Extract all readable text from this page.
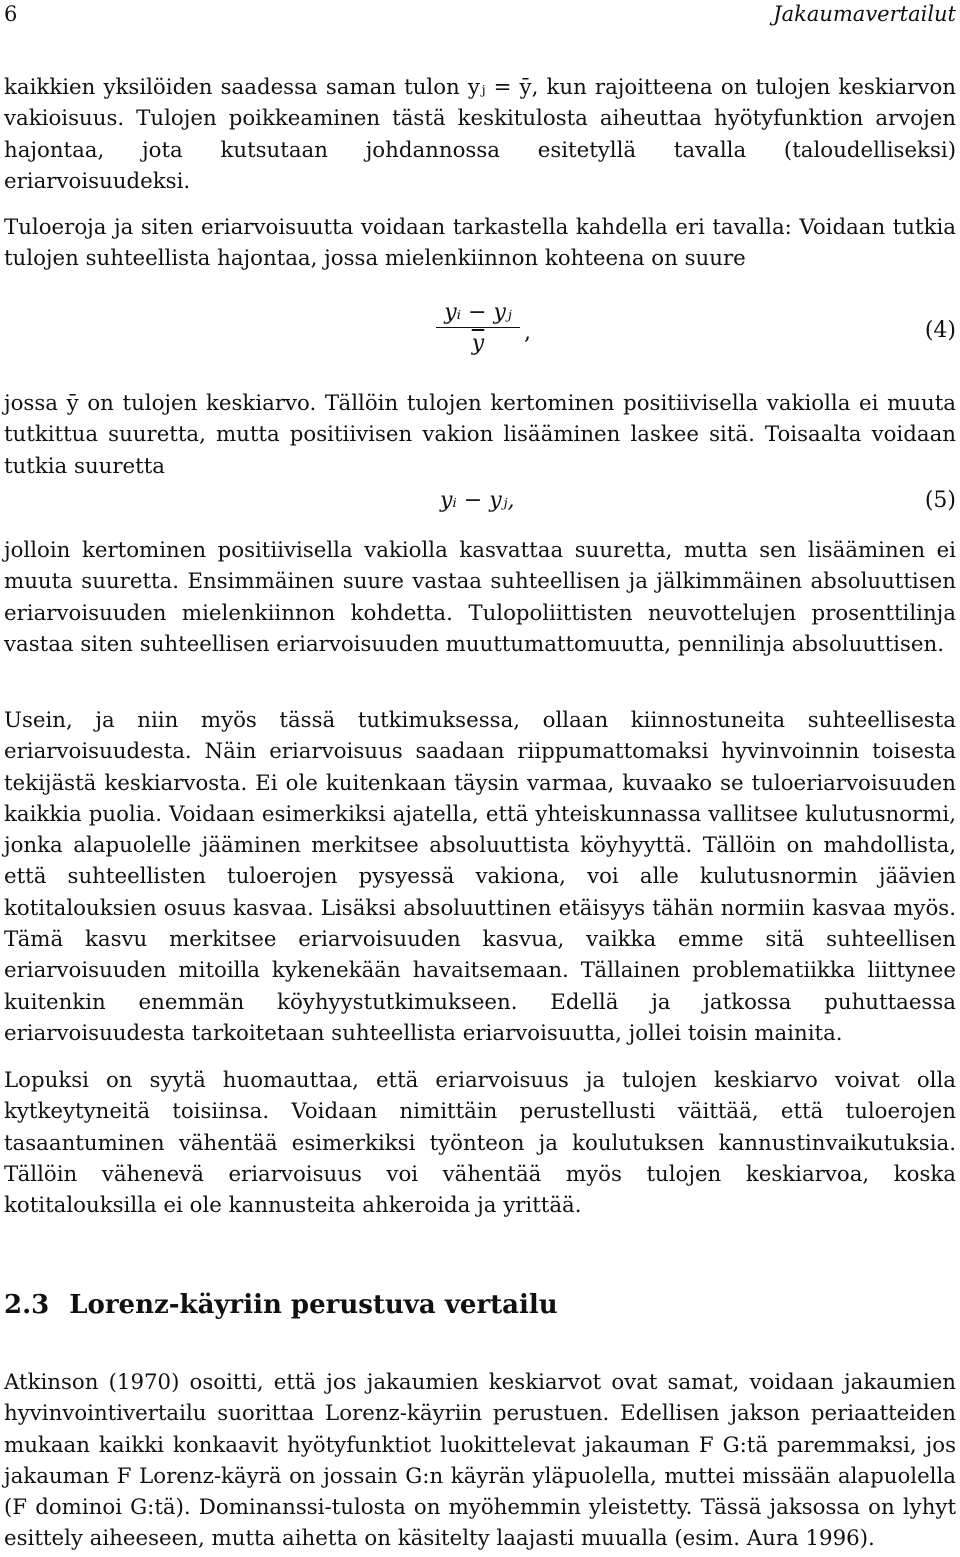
6	Jakaumavertailut

kaikkien yksilöiden saadessa saman tulon yⱼ = ȳ, kun rajoitteena on tulojen keskiarvon vakioisuus. Tulojen poikkeaminen tästä keskitulosta aiheuttaa hyötyfunktion arvojen hajontaa, jota kutsutaan johdannossa esitetyllä tavalla (taloudelliseksi) eriarvoisuudeksi.

Tuloeroja ja siten eriarvoisuutta voidaan tarkastella kahdella eri tavalla: Voidaan tutkia tulojen suhteellista hajontaa, jossa mielenkiinnon kohteena on suure

$\frac{\text{yᵢ − yⱼ}}{y}$ ,	(4)

jossa ȳ on tulojen keskiarvo. Tällöin tulojen kertominen positiivisella vakiolla ei muuta tutkittua suuretta, mutta positiivisen vakion lisääminen laskee sitä. Toisaalta voidaan tutkia suuretta

yᵢ − yⱼ,	(5)

jolloin kertominen positiivisella vakiolla kasvattaa suuretta, mutta sen lisääminen ei muuta suuretta. Ensimmäinen suure vastaa suhteellisen ja jälkimmäinen absoluuttisen eriarvoisuuden mielenkiinnon kohdetta. Tulopoliittisten neuvottelujen prosenttilinja vastaa siten suhteellisen eriarvoisuuden muuttumattomuutta, pennilinja absoluuttisen.

Usein, ja niin myös tässä tutkimuksessa, ollaan kiinnostuneita suhteellisesta eriarvoisuudesta. Näin eriarvoisuus saadaan riippumattomaksi hyvinvoinnin toisesta tekijästä keskiarvosta. Ei ole kuitenkaan täysin varmaa, kuvaako se tuloeriarvoisuuden kaikkia puolia. Voidaan esimerkiksi ajatella, että yhteiskunnassa vallitsee kulutusnormi, jonka alapuolelle jääminen merkitsee absoluuttista köyhyyttä. Tällöin on mahdollista, että suhteellisten tuloerojen pysyessä vakiona, voi alle kulutusnormin jäävien kotitalouksien osuus kasvaa. Lisäksi absoluuttinen etäisyys tähän normiin kasvaa myös. Tämä kasvu merkitsee eriarvoisuuden kasvua, vaikka emme sitä suhteellisen eriarvoisuuden mitoilla kykenekään havaitsemaan. Tällainen problematiikka liittynee kuitenkin enemmän köyhyystutkimukseen. Edellä ja jatkossa puhuttaessa eriarvoisuudesta tarkoitetaan suhteellista eriarvoisuutta, jollei toisin mainita.

Lopuksi on syytä huomauttaa, että eriarvoisuus ja tulojen keskiarvo voivat olla kytkeytyneitä toisiinsa. Voidaan nimittäin perustellusti väittää, että tuloerojen tasaantuminen vähentää esimerkiksi työnteon ja koulutuksen kannustinvaikutuksia. Tällöin vähenevä eriarvoisuus voi vähentää myös tulojen keskiarvoa, koska kotitalouksilla ei ole kannusteita ahkeroida ja yrittää.

2.3 Lorenz-käyriin perustuva vertailu

Atkinson (1970) osoitti, että jos jakaumien keskiarvot ovat samat, voidaan jakaumien hyvinvointivertailu suorittaa Lorenz-käyriin perustuen. Edellisen jakson periaatteiden mukaan kaikki konkaavit hyötyfunktiot luokittelevat jakauman F G:tä paremmaksi, jos jakauman F Lorenz-käyrä on jossain G:n käyrän yläpuolella, muttei missään alapuolella (F dominoi G:tä). Dominanssi-tulosta on myöhemmin yleistetty. Tässä jaksossa on lyhyt esittely aiheeseen, mutta aihetta on käsitelty laajasti muualla (esim. Aura 1996).
